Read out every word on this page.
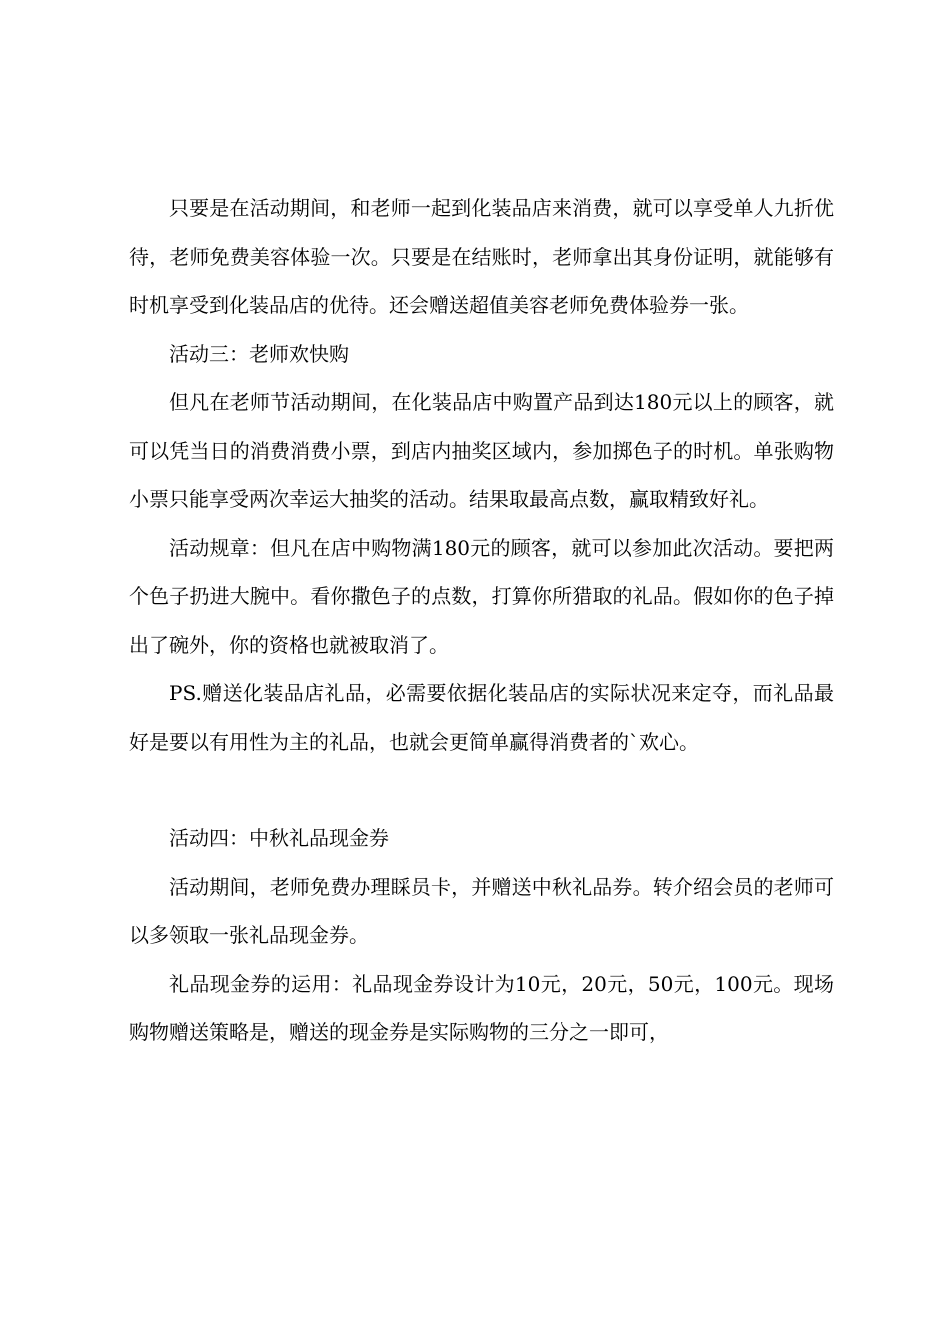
只要是在活动期间，和老师一起到化装品店来消费，就可以享受单人九折优待，老师免费美容体验一次。只要是在结账时，老师拿出其身份证明，就能够有时机享受到化装品店的优待。还会赠送超值美容老师免费体验券一张。

活动三：老师欢快购

但凡在老师节活动期间，在化装品店中购置产品到达180元以上的顾客，就可以凭当日的消费消费小票，到店内抽奖区域内，参加掷色子的时机。单张购物小票只能享受两次幸运大抽奖的活动。结果取最高点数，赢取精致好礼。

活动规章：但凡在店中购物满180元的顾客，就可以参加此次活动。要把两个色子扔进大腕中。看你撒色子的点数，打算你所猎取的礼品。假如你的色子掉出了碗外，你的资格也就被取消了。

PS.赠送化装品店礼品，必需要依据化装品店的实际状况来定夺，而礼品最好是要以有用性为主的礼品，也就会更简单赢得消费者的`欢心。

活动四：中秋礼品现金券

活动期间，老师免费办理睬员卡，并赠送中秋礼品券。转介绍会员的老师可以多领取一张礼品现金券。

礼品现金券的运用：礼品现金券设计为10元，20元，50元，100元。现场购物赠送策略是，赠送的现金券是实际购物的三分之一即可，
